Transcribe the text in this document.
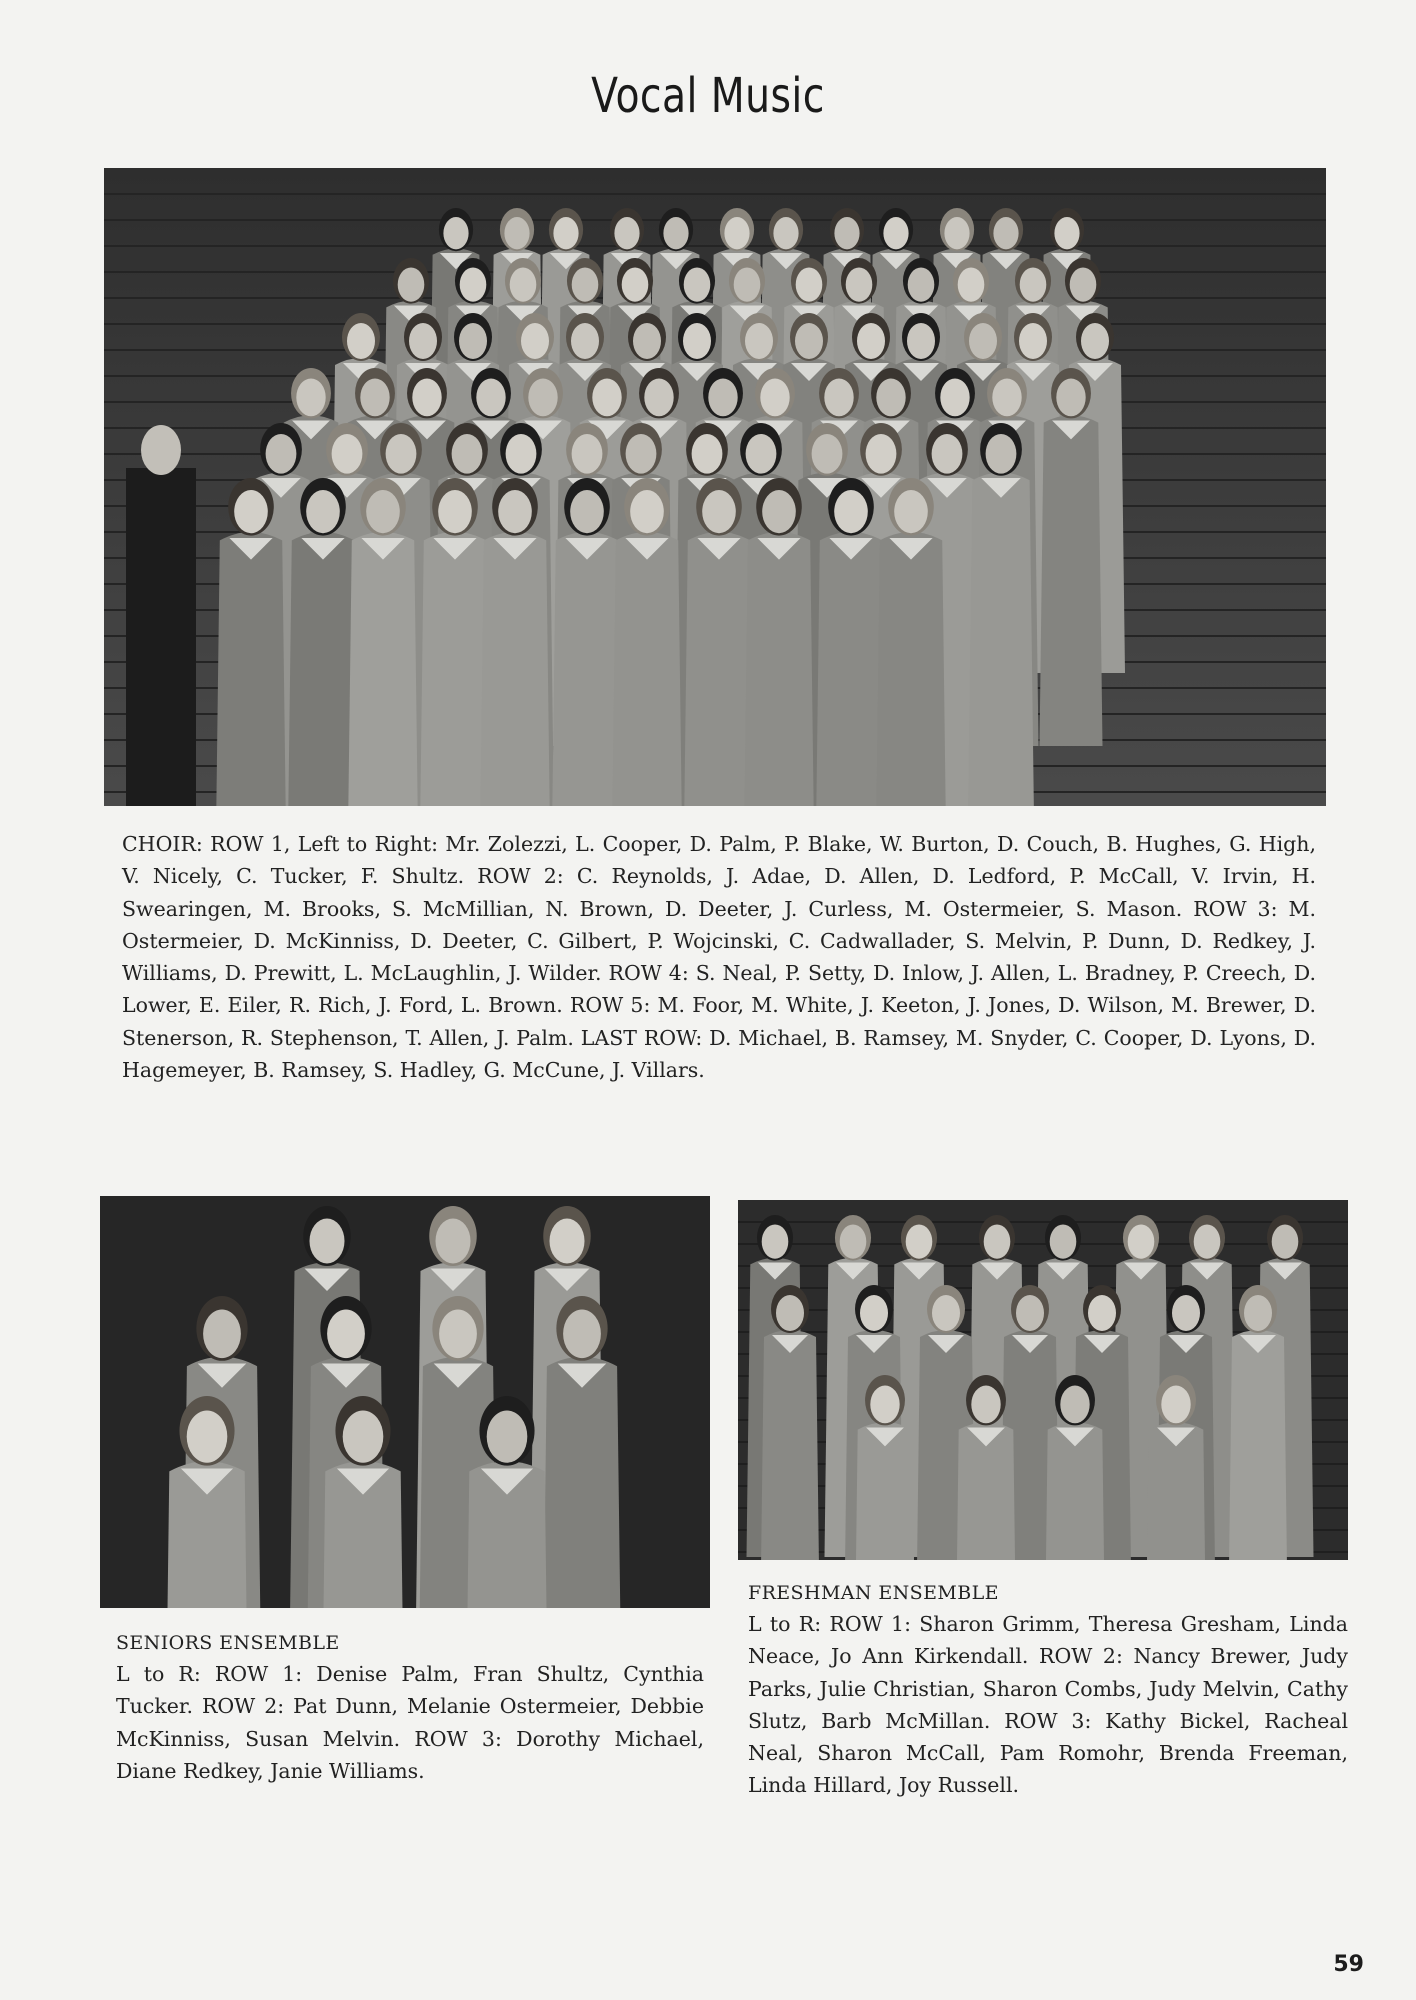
Vocal Music

CHOIR: ROW 1, Left to Right: Mr. Zolezzi, L. Cooper, D. Palm, P. Blake, W. Burton, D. Couch, B. Hughes, G. High, V. Nicely, C. Tucker, F. Shultz. ROW 2: C. Reynolds, J. Adae, D. Allen, D. Ledford, P. McCall, V. Irvin, H. Swearingen, M. Brooks, S. McMillian, N. Brown, D. Deeter, J. Curless, M. Ostermeier, S. Mason. ROW 3: M. Ostermeier, D. McKinniss, D. Deeter, C. Gilbert, P. Wojcinski, C. Cadwallader, S. Melvin, P. Dunn, D. Redkey, J. Williams, D. Prewitt, L. McLaughlin, J. Wilder. ROW 4: S. Neal, P. Setty, D. Inlow, J. Allen, L. Bradney, P. Creech, D. Lower, E. Eiler, R. Rich, J. Ford, L. Brown. ROW 5: M. Foor, M. White, J. Keeton, J. Jones, D. Wilson, M. Brewer, D. Stenerson, R. Stephenson, T. Allen, J. Palm. LAST ROW: D. Michael, B. Ramsey, M. Snyder, C. Cooper, D. Lyons, D. Hagemeyer, B. Ramsey, S. Hadley, G. McCune, J. Villars.

SENIORS ENSEMBLE

L to R: ROW 1: Denise Palm, Fran Shultz, Cynthia Tucker. ROW 2: Pat Dunn, Melanie Ostermeier, Debbie McKinniss, Susan Melvin. ROW 3: Dorothy Michael, Diane Redkey, Janie Williams.

FRESHMAN ENSEMBLE

L to R: ROW 1: Sharon Grimm, Theresa Gresham, Linda Neace, Jo Ann Kirkendall. ROW 2: Nancy Brewer, Judy Parks, Julie Christian, Sharon Combs, Judy Melvin, Cathy Slutz, Barb McMillan. ROW 3: Kathy Bickel, Racheal Neal, Sharon McCall, Pam Romohr, Brenda Freeman, Linda Hillard, Joy Russell.

59
